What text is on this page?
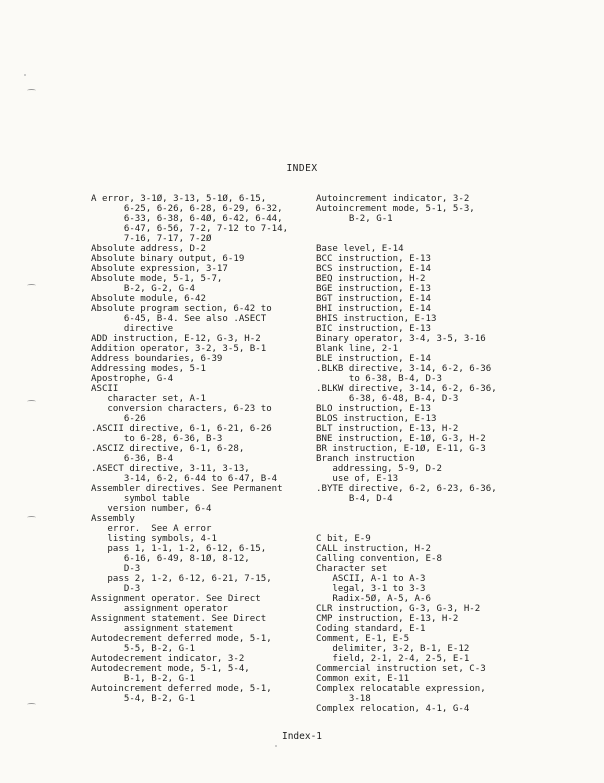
INDEX
A error, 3-1Ø, 3-13, 5-1Ø, 6-15,
6-25, 6-26, 6-28, 6-29, 6-32,
6-33, 6-38, 6-4Ø, 6-42, 6-44,
6-47, 6-56, 7-2, 7-12 to 7-14,
7-16, 7-17, 7-2Ø
Absolute address, D-2
Absolute binary output, 6-19
Absolute expression, 3-17
Absolute mode, 5-1, 5-7,
B-2, G-2, G-4
Absolute module, 6-42
Absolute program section, 6-42 to
6-45, B-4. See also .ASECT
directive
ADD instruction, E-12, G-3, H-2
Addition operator, 3-2, 3-5, B-1
Address boundaries, 6-39
Addressing modes, 5-1
Apostrophe, G-4
ASCII
character set, A-1
conversion characters, 6-23 to
6-26
.ASCII directive, 6-1, 6-21, 6-26
to 6-28, 6-36, B-3
.ASCIZ directive, 6-1, 6-28,
6-36, B-4
.ASECT directive, 3-11, 3-13,
3-14, 6-2, 6-44 to 6-47, B-4
Assembler directives. See Permanent
symbol table
version number, 6-4
Assembly
error.  See A error
listing symbols, 4-1
pass 1, 1-1, 1-2, 6-12, 6-15,
6-16, 6-49, 8-1Ø, 8-12,
D-3
pass 2, 1-2, 6-12, 6-21, 7-15,
D-3
Assignment operator. See Direct
assignment operator
Assignment statement. See Direct
assignment statement
Autodecrement deferred mode, 5-1,
5-5, B-2, G-1
Autodecrement indicator, 3-2
Autodecrement mode, 5-1, 5-4,
B-1, B-2, G-1
Autoincrement deferred mode, 5-1,
5-4, B-2, G-1
Autoincrement indicator, 3-2
Autoincrement mode, 5-1, 5-3,
B-2, G-1
Base level, E-14
BCC instruction, E-13
BCS instruction, E-14
BEQ instruction, H-2
BGE instruction, E-13
BGT instruction, E-14
BHI instruction, E-14
BHIS instruction, E-13
BIC instruction, E-13
Binary operator, 3-4, 3-5, 3-16
Blank line, 2-1
BLE instruction, E-14
.BLKB directive, 3-14, 6-2, 6-36
to 6-38, B-4, D-3
.BLKW directive, 3-14, 6-2, 6-36,
6-38, 6-48, B-4, D-3
BLO instruction, E-13
BLOS instruction, E-13
BLT instruction, E-13, H-2
BNE instruction, E-1Ø, G-3, H-2
BR instruction, E-1Ø, E-11, G-3
Branch instruction
addressing, 5-9, D-2
use of, E-13
.BYTE directive, 6-2, 6-23, 6-36,
B-4, D-4
C bit, E-9
CALL instruction, H-2
Calling convention, E-8
Character set
ASCII, A-1 to A-3
legal, 3-1 to 3-3
Radix-5Ø, A-5, A-6
CLR instruction, G-3, G-3, H-2
CMP instruction, E-13, H-2
Coding standard, E-1
Comment, E-1, E-5
delimiter, 3-2, B-1, E-12
field, 2-1, 2-4, 2-5, E-1
Commercial instruction set, C-3
Common exit, E-11
Complex relocatable expression,
3-18
Complex relocation, 4-1, G-4
Index-1
